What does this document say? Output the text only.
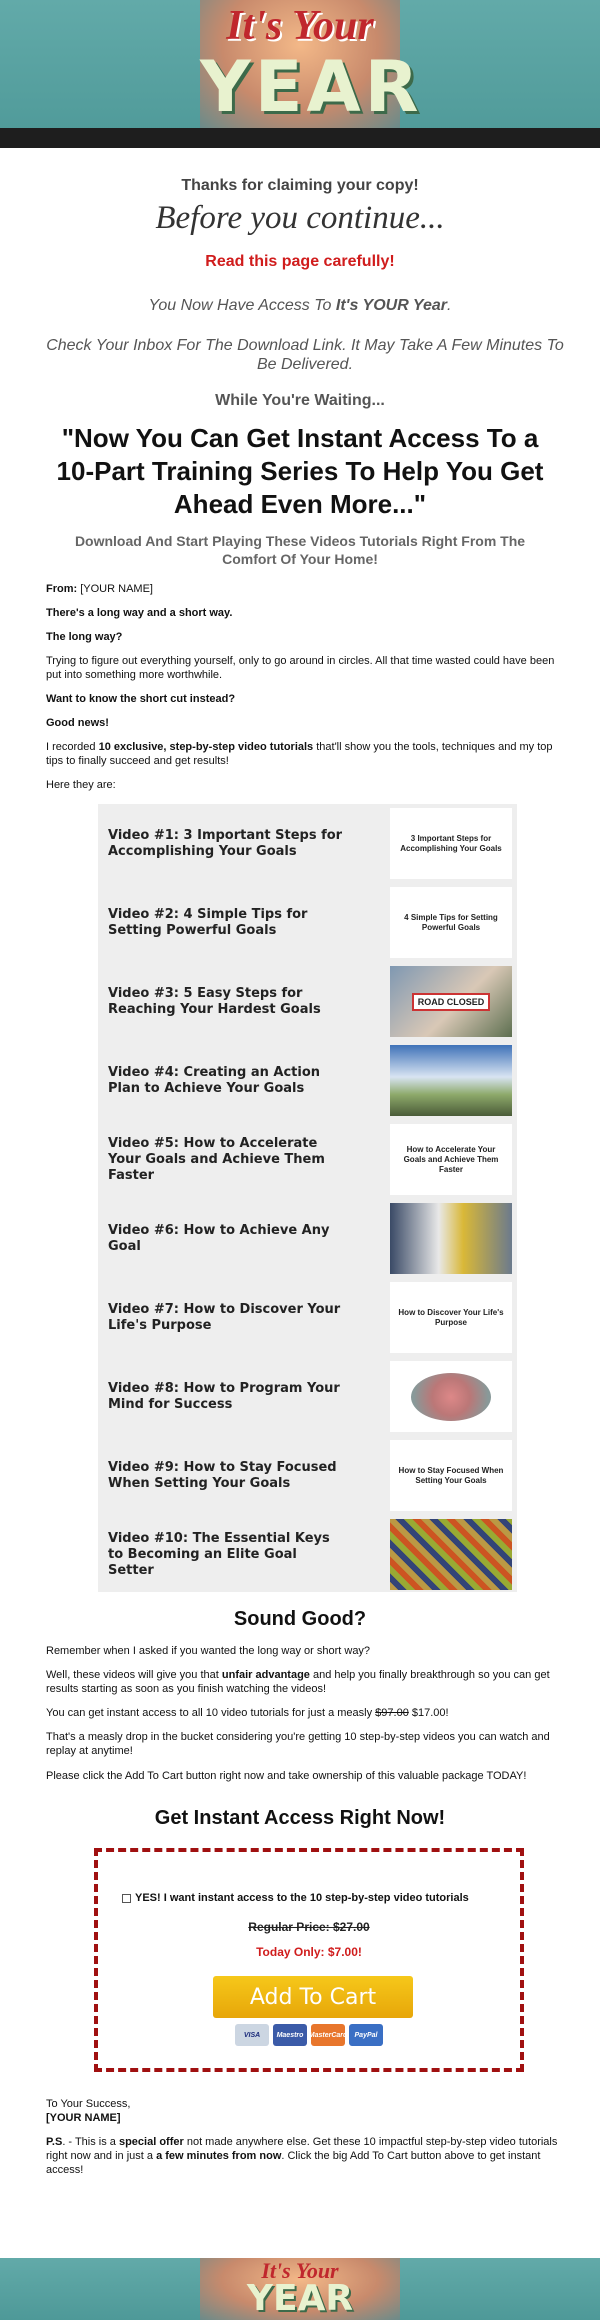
It's Your
YEAR
Thanks for claiming your copy!
Before you continue...
Read this page carefully!
You Now Have Access To It's YOUR Year.
Check Your Inbox For The Download Link. It May Take A Few Minutes To Be Delivered.
While You're Waiting...
"Now You Can Get Instant Access To a 10-Part Training Series To Help You Get Ahead Even More..."
Download And Start Playing These Videos Tutorials Right From The Comfort Of Your Home!
From: [YOUR NAME]
There's a long way and a short way.
The long way?
Trying to figure out everything yourself, only to go around in circles. All that time wasted could have been put into something more worthwhile.
Want to know the short cut instead?
Good news!
I recorded 10 exclusive, step-by-step video tutorials that'll show you the tools, techniques and my top tips to finally succeed and get results!
Here they are:
Video #1: 3 Important Steps for Accomplishing Your Goals
3 Important Steps for Accomplishing Your Goals
Video #2: 4 Simple Tips for Setting Powerful Goals
4 Simple Tips for Setting Powerful Goals
Video #3: 5 Easy Steps for Reaching Your Hardest Goals	ROAD CLOSED
Video #4: Creating an Action Plan to Achieve Your Goals
Video #5: How to Accelerate Your Goals and Achieve Them Faster
How to Accelerate Your Goals and Achieve Them Faster
Video #6: How to Achieve Any Goal
Video #7: How to Discover Your Life's Purpose
How to Discover Your Life's Purpose
Video #8: How to Program Your Mind for Success
Video #9: How to Stay Focused When Setting Your Goals
How to Stay Focused When Setting Your Goals
Video #10: The Essential Keys to Becoming an Elite Goal Setter
Sound Good?
Remember when I asked if you wanted the long way or short way?
Well, these videos will give you that unfair advantage and help you finally breakthrough so you can get results starting as soon as you finish watching the videos!
You can get instant access to all 10 video tutorials for just a measly $97.00 $17.00!
That's a measly drop in the bucket considering you're getting 10 step-by-step videos you can watch and replay at anytime!
Please click the Add To Cart button right now and take ownership of this valuable package TODAY!
Get Instant Access Right Now!
YES! I want instant access to the 10 step-by-step video tutorials
Regular Price: $27.00
Today Only: $7.00!
Add To Cart
VISA	Maestro MasterCard	PayPal
To Your Success,
[YOUR NAME]
P.S. - This is a special offer not made anywhere else. Get these 10 impactful step-by-step video tutorials right now and in just a a few minutes from now. Click the big Add To Cart button above to get instant access!
It's Your
YEAR
